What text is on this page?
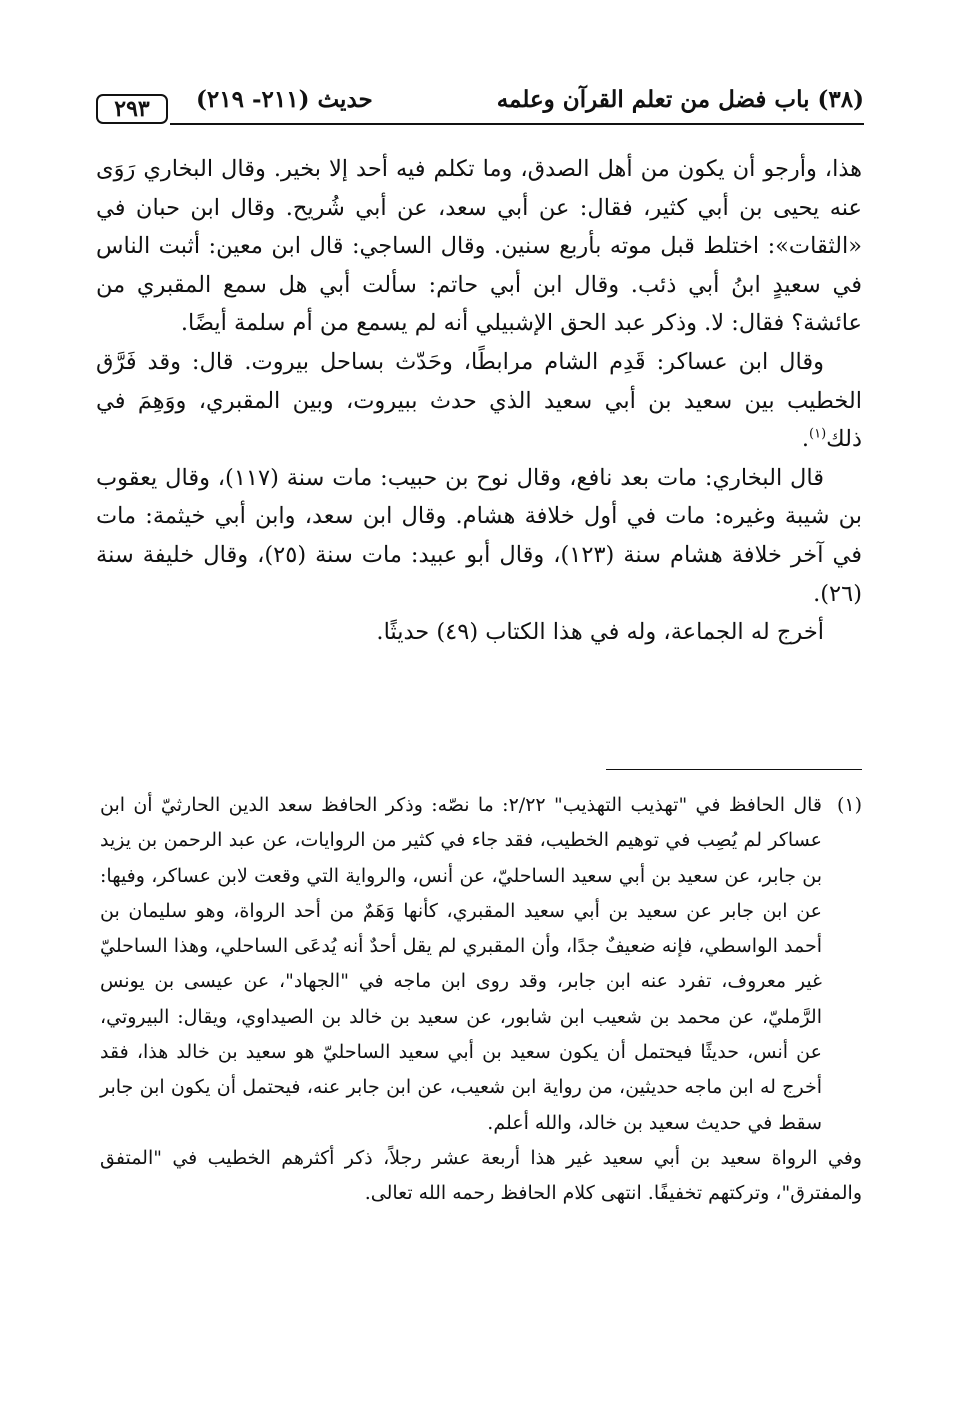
٢٩٣ حديث (٢١١- ٢١٩)	(٣٨) باب فضل من تعلم القرآن وعلمه

هذا، وأرجو أن يكون من أهل الصدق، وما تكلم فيه أحد إلا بخير. وقال البخاري رَوَى عنه يحيى بن أبي كثير، فقال: عن أبي سعد، عن أبي شُريح. وقال ابن حبان في «الثقات»: اختلط قبل موته بأربع سنين. وقال الساجي: قال ابن معين: أثبت الناس في سعيدٍ ابنُ أبي ذئب. وقال ابن أبي حاتم: سألت أبي هل سمع المقبري من عائشة؟ فقال: لا. وذكر عبد الحق الإشبيلي أنه لم يسمع من أم سلمة أيضًا.

وقال ابن عساكر: قَدِم الشام مرابطًا، وحَدّث بساحل بيروت. قال: وقد فَرَّق الخطيب بين سعيد بن أبي سعيد الذي حدث ببيروت، وبين المقبري، ووَهِمَ في ذلك$^{(١)}$.

قال البخاري: مات بعد نافع، وقال نوح بن حبيب: مات سنة (١١٧)، وقال يعقوب بن شيبة وغيره: مات في أول خلافة هشام. وقال ابن سعد، وابن أبي خيثمة: مات في آخر خلافة هشام سنة (١٢٣)، وقال أبو عبيد: مات سنة (٢٥)، وقال خليفة سنة (٢٦).

أخرج له الجماعة، وله في هذا الكتاب (٤٩) حديثًا.

(١)
قال الحافظ في "تهذيب التهذيب" ٢/٢٢: ما نصّه: وذكر الحافظ سعد الدين الحارثيّ أن ابن عساكر لم يُصِب في توهيم الخطيب، فقد جاء في كثير من الروايات، عن عبد الرحمن بن يزيد بن جابر، عن سعيد بن أبي سعيد الساحليّ، عن أنس، والرواية التي وقعت لابن عساكر، وفيها: عن ابن جابر عن سعيد بن أبي سعيد المقبري، كأنها وَهَمٌ من أحد الرواة، وهو سليمان بن أحمد الواسطي، فإنه ضعيفٌ جدًا، وأن المقبري لم يقل أحدٌ أنه يُدعَى الساحلي، وهذا الساحليّ غير معروف، تفرد عنه ابن جابر، وقد روى ابن ماجه في "الجهاد"، عن عيسى بن يونس الرَّمليّ، عن محمد بن شعيب ابن شابور، عن سعيد بن خالد بن الصيداوي، ويقال: البيروتي، عن أنس، حديثًا فيحتمل أن يكون سعيد بن أبي سعيد الساحليّ هو سعيد بن خالد هذا، فقد أخرج له ابن ماجه حديثين، من رواية ابن شعيب، عن ابن جابر عنه، فيحتمل أن يكون ابن جابر سقط في حديث سعيد بن خالد، والله أعلم.

وفي الرواة سعيد بن أبي سعيد غير هذا أربعة عشر رجلاً، ذكر أكثرهم الخطيب في "المتفق والمفترق"، وتركتهم تخفيفًا. انتهى كلام الحافظ رحمه الله تعالى.
